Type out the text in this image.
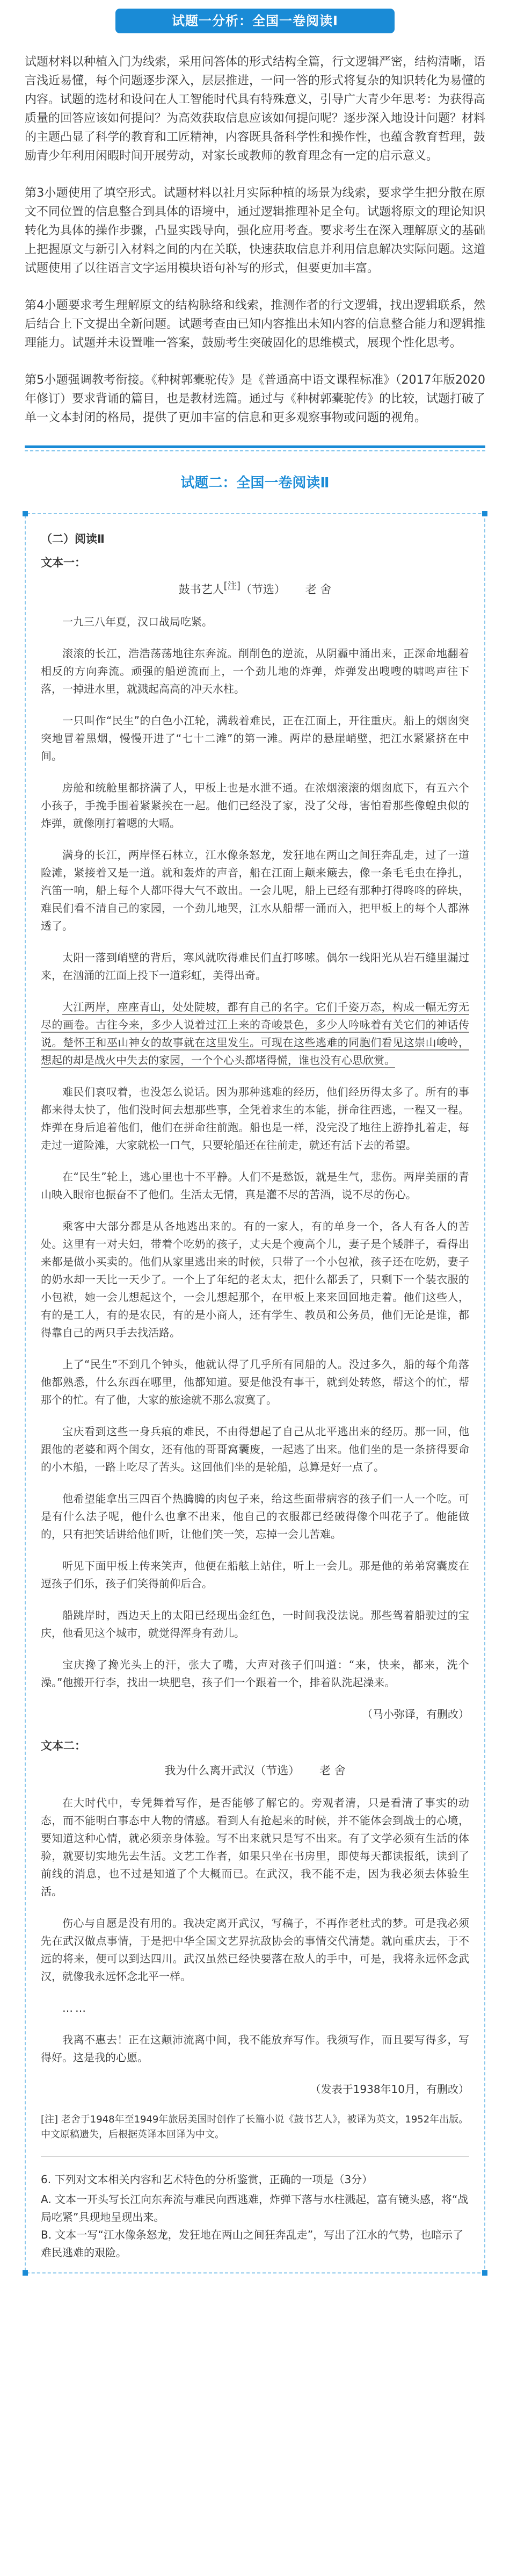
试题一分析：全国一卷阅读Ⅰ

试题材料以种植入门为线索，采用问答体的形式结构全篇，行文逻辑严密，结构清晰，语言浅近易懂，每个问题逐步深入，层层推进，一问一答的形式将复杂的知识转化为易懂的内容。试题的选材和设问在人工智能时代具有特殊意义，引导广大青少年思考：为获得高质量的回答应该如何提问？为高效获取信息应该如何提问呢？逐步深入地设计问题？材料的主题凸显了科学的教育和工匠精神，内容既具备科学性和操作性，也蕴含教育哲理，鼓励青少年利用闲暇时间开展劳动，对家长或教师的教育理念有一定的启示意义。

第3小题使用了填空形式。试题材料以社月实际种植的场景为线索，要求学生把分散在原文不同位置的信息整合到具体的语境中，通过逻辑推理补足全句。试题将原文的理论知识转化为具体的操作步骤，凸显实践导向，强化应用考查。要求考生在深入理解原文的基础上把握原文与新引入材料之间的内在关联，快速获取信息并利用信息解决实际问题。这道试题使用了以往语言文字运用模块语句补写的形式，但要更加丰富。

第4小题要求考生理解原文的结构脉络和线索，推测作者的行文逻辑，找出逻辑联系，然后结合上下文提出全新问题。试题考查由已知内容推出未知内容的信息整合能力和逻辑推理能力。试题并未设置唯一答案，鼓励考生突破固化的思维模式，展现个性化思考。

第5小题强调教考衔接。《种树郭橐驼传》是《普通高中语文课程标准》（2017年版2020年修订）要求背诵的篇目，也是教材选篇。通过与《种树郭橐驼传》的比较，试题打破了单一文本封闭的格局，提供了更加丰富的信息和更多观察事物或问题的视角。

试题二：全国一卷阅读Ⅱ
（二）阅读Ⅱ
文本一：
鼓书艺人[注]（节选） 老 舍

一九三八年夏，汉口战局吃紧。

滚滚的长江，浩浩荡荡地往东奔流。削削色的逆流，从阴霾中涌出来，正深命地翻着相反的方向奔流。顽强的船逆流而上，一个劲儿地的炸弹，炸弹发出嗖嗖的啸鸣声往下落，一掉进水里，就溅起高高的冲天水柱。

一只叫作“民生”的白色小江轮，满载着难民，正在江面上，开往重庆。船上的烟囱突突地冒着黑烟，慢慢开进了“七十二滩”的第一滩。两岸的悬崖峭壁，把江水紧紧挤在中间。

房舱和统舱里都挤满了人，甲板上也是水泄不通。在浓烟滚滚的烟囱底下，有五六个小孩子，手挽手围着紧紧挨在一起。他们已经没了家，没了父母，害怕看那些像蝗虫似的炸弹，就像刚打着嗯的大嗝。

满身的长江，两岸怪石林立，江水像条怒龙，发狂地在两山之间狂奔乱走，过了一道险滩，紧接着又是一道。就和轰炸的声音，船在江面上颠来簸去，像一条毛毛虫在挣扎，汽笛一响，船上每个人都吓得大气不敢出。一会儿呢，船上已经有那种打得咚咚的碎块，难民们看不清自己的家园，一个劲儿地哭，江水从船帮一涌而入，把甲板上的每个人都淋透了。

太阳一落到峭壁的背后，寒风就吹得难民们直打哆嗦。偶尔一线阳光从岩石缝里漏过来，在汹涌的江面上投下一道彩虹，美得出奇。

大江两岸，座座青山，处处陡坡，都有自己的名字。它们千姿万态，构成一幅无穷无尽的画卷。古往今来，多少人说着过江上来的奇峻景色，多少人吟咏着有关它们的神话传说。楚怀王和巫山神女的故事就在这里发生。可现在这些逃难的同胞们看见这崇山峻岭，想起的却是战火中失去的家园，一个个心头都堵得慌，谁也没有心思欣赏。

难民们哀叹着，也没怎么说话。因为那种逃难的经历，他们经历得太多了。所有的事都来得太快了，他们没时间去想那些事，全凭着求生的本能，拼命往西逃，一程又一程。炸弹在身后追着他们，他们在拼命往前跑。船也是一样，没完没了地往上游挣扎着走，每走过一道险滩，大家就松一口气，只要轮船还在往前走，就还有活下去的希望。

在“民生”轮上，逃心里也十不平静。人们不是愁饭，就是生气，悲伤。两岸美丽的青山映入眼帘也振奋不了他们。生活太无情，真是灌不尽的苦酒，说不尽的伤心。

乘客中大部分都是从各地逃出来的。有的一家人，有的单身一个，各人有各人的苦处。这里有一对夫妇，带着个吃奶的孩子，丈夫是个瘦高个儿，妻子是个矮胖子，看得出来都是做小买卖的。他们从家里逃出来的时候，只带了一个小包袱，孩子还在吃奶，妻子的奶水却一天比一天少了。一个上了年纪的老太太，把什么都丢了，只剩下一个装衣服的小包袱，她一会儿想起这个，一会儿想起那个，在甲板上来来回回地走着。他们这些人，有的是工人，有的是农民，有的是小商人，还有学生、教员和公务员，他们无论是谁，都得靠自己的两只手去找活路。

上了“民生”不到几个钟头，他就认得了几乎所有同船的人。没过多久，船的每个角落他都熟悉，什么东西在哪里，他都知道。要是他没有事干，就到处转悠，帮这个的忙，帮那个的忙。有了他，大家的旅途就不那么寂寞了。

宝庆看到这些一身兵痕的难民，不由得想起了自己从北平逃出来的经历。那一回，他跟他的老婆和两个闺女，还有他的哥哥窝囊废，一起逃了出来。他们坐的是一条挤得要命的小木船，一路上吃尽了苦头。这回他们坐的是轮船，总算是好一点了。

他希望能拿出三四百个热腾腾的肉包子来，给这些面带病容的孩子们一人一个吃。可是有什么法子呢，他什么也拿不出来，他自己的衣服都已经破得像个叫花子了。他能做的，只有把笑话讲给他们听，让他们笑一笑，忘掉一会儿苦难。

听见下面甲板上传来笑声，他便在船舷上站住，听上一会儿。那是他的弟弟窝囊废在逗孩子们乐，孩子们笑得前仰后合。

船跳岸时，西边天上的太阳已经现出金红色，一时间我没法说。那些驾着船驶过的宝庆，他看见这个城市，就觉得浑身有劲儿。

宝庆搀了搀光头上的汗，张大了嘴，大声对孩子们叫道：“来，快来，都来，洗个澡。”他搬开行李，找出一块肥皂，孩子们一个跟着一个，排着队洗起澡来。

（马小弥译，有删改）

文本二：
我为什么离开武汉（节选） 老 舍

在大时代中，专凭舞着写作，是否能够了解它的。旁观者清，只是看清了事实的动态，而不能明白事态中人物的情感。看到人有抢起来的时候，并不能体会到战士的心境，要知道这种心情，就必须亲身体验。写不出来就只是写不出来。有了文学必须有生活的体验，就要切实地先去生活。文艺工作者，如果只坐在书房里，即使每天都读报纸，读到了前线的消息，也不过是知道了个大概而已。在武汉，我不能不走，因为我必须去体验生活。

伤心与自愿是没有用的。我决定离开武汉，写稿子，不再作老杜式的梦。可是我必须先在武汉做点事情，于是把中华全国文艺界抗敌协会的事情交代清楚。就向重庆去，于不远的将来，便可以到达四川。武汉虽然已经快要落在敌人的手中，可是，我将永远怀念武汉，就像我永远怀念北平一样。

……

我离不惠去！正在这颠沛流离中间，我不能放弃写作。我须写作，而且要写得多，写得好。这是我的心愿。

（发表于1938年10月，有删改）

[注] 老舍于1948年至1949年旅居美国时创作了长篇小说《鼓书艺人》，被译为英文，1952年出版。中文原稿遗失，后根据英译本回译为中文。
6. 下列对文本相关内容和艺术特色的分析鉴赏，正确的一项是（3分）
A. 文本一开头写长江向东奔流与难民向西逃难，炸弹下落与水柱溅起，富有镜头感，将“战局吃紧”具现地呈现出来。
B. 文本一写“江水像条怒龙，发狂地在两山之间狂奔乱走”，写出了江水的气势，也暗示了难民逃难的艰险。
